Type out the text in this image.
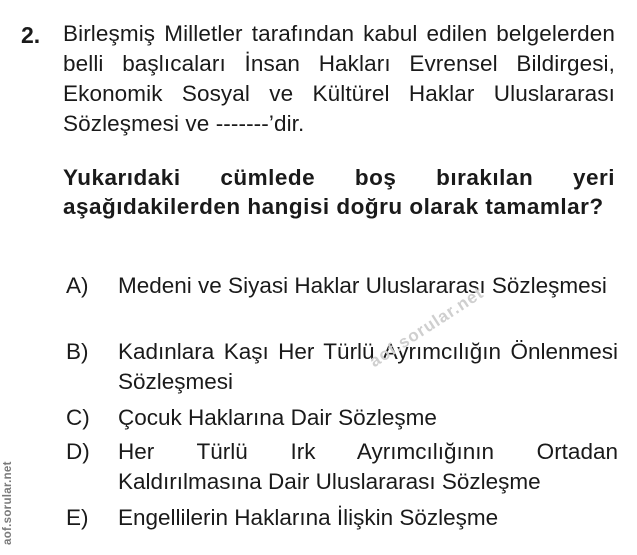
2. Birleşmiş Milletler tarafından kabul edilen belgelerden belli başlıcaları İnsan Hakları Evrensel Bildirgesi, Ekonomik Sosyal ve Kültürel Haklar Uluslararası Sözleşmesi ve -------’dir.

Yukarıdaki cümlede boş bırakılan yeri aşağıdakilerden hangisi doğru olarak tamamlar?

A)	Medeni ve Siyasi Haklar Uluslararası Sözleşmesi
B)	Kadınlara Kaşı Her Türlü Ayrımcılığın Önlenmesi Sözleşmesi
C)	Çocuk Haklarına Dair Sözleşme
D)	Her Türlü Irk Ayrımcılığının Ortadan Kaldırılmasına Dair Uluslararası Sözleşme
E)	Engellilerin Haklarına İlişkin Sözleşme
aof.sorular.net
aof.sorular.net
